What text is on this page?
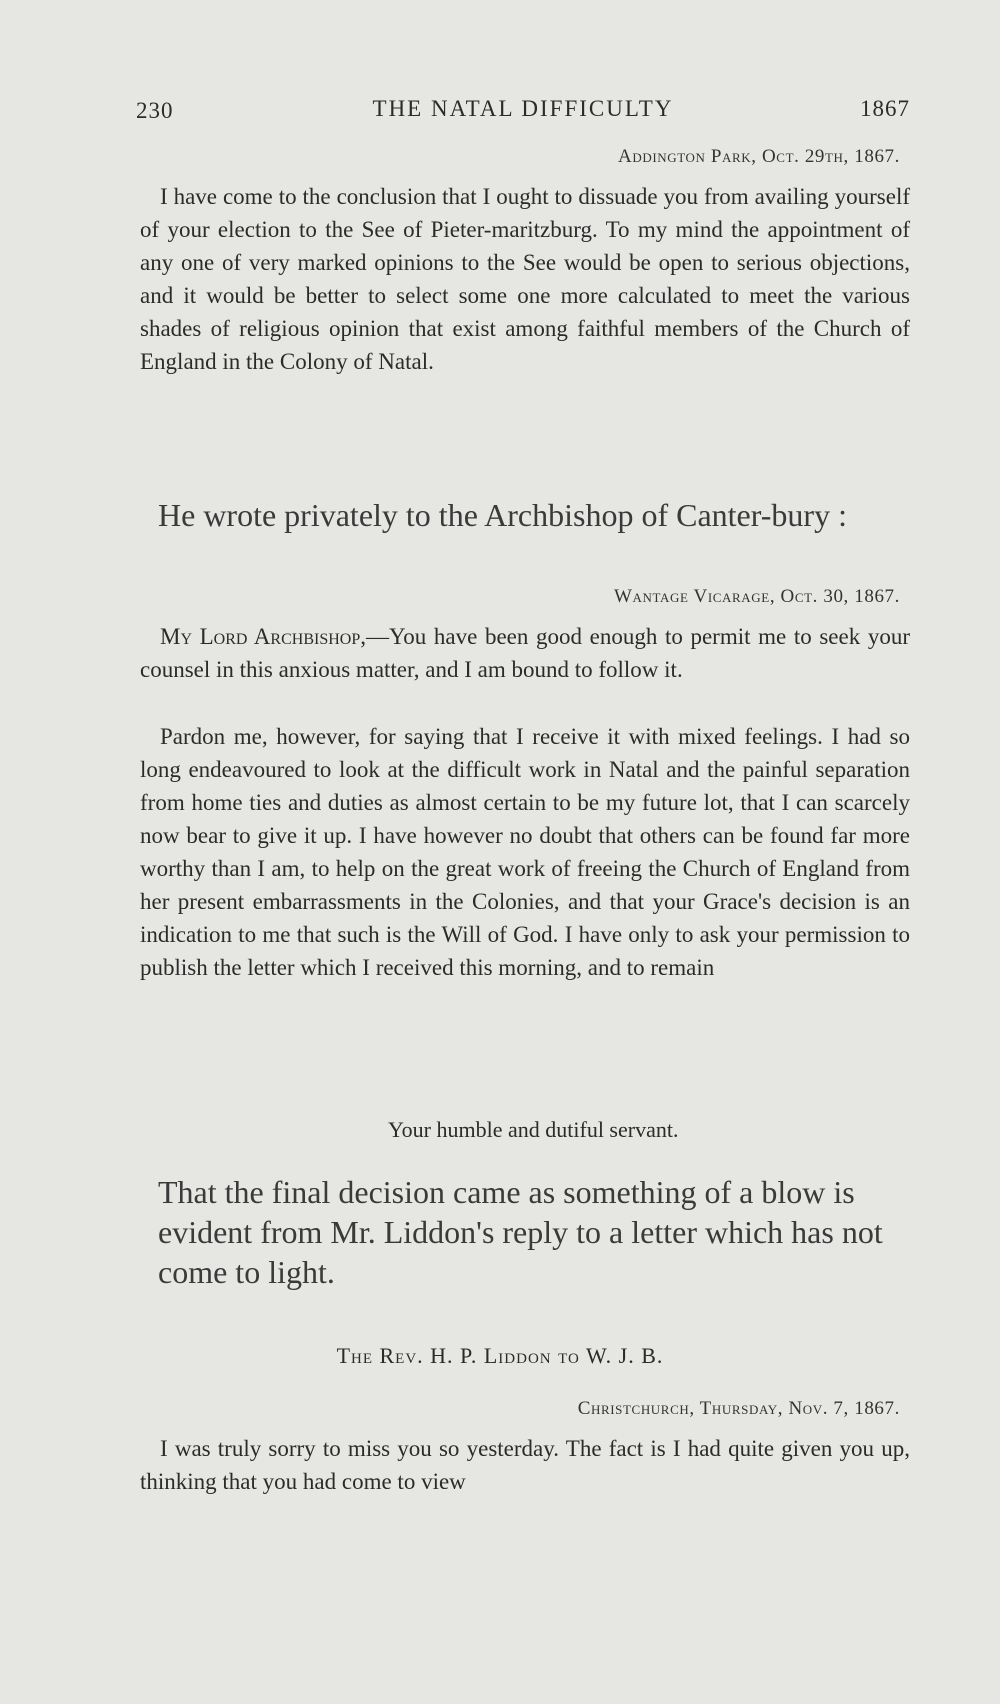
230	THE NATAL DIFFICULTY	1867
Addington Park, Oct. 29th, 1867.

I have come to the conclusion that I ought to dissuade you from availing yourself of your election to the See of Pieter-maritzburg. To my mind the appointment of any one of very marked opinions to the See would be open to serious objections, and it would be better to select some one more calculated to meet the various shades of religious opinion that exist among faithful members of the Church of England in the Colony of Natal.

He wrote privately to the Archbishop of Canter-bury :
Wantage Vicarage, Oct. 30, 1867.

My Lord Archbishop,—You have been good enough to permit me to seek your counsel in this anxious matter, and I am bound to follow it.

Pardon me, however, for saying that I receive it with mixed feelings. I had so long endeavoured to look at the difficult work in Natal and the painful separation from home ties and duties as almost certain to be my future lot, that I can scarcely now bear to give it up. I have however no doubt that others can be found far more worthy than I am, to help on the great work of freeing the Church of England from her present embarrassments in the Colonies, and that your Grace's decision is an indication to me that such is the Will of God. I have only to ask your permission to publish the letter which I received this morning, and to remain

Your humble and dutiful servant.
That the final decision came as something of a blow is evident from Mr. Liddon's reply to a letter which has not come to light.
The Rev. H. P. Liddon to W. J. B.
Christchurch, Thursday, Nov. 7, 1867.

I was truly sorry to miss you so yesterday. The fact is I had quite given you up, thinking that you had come to view
